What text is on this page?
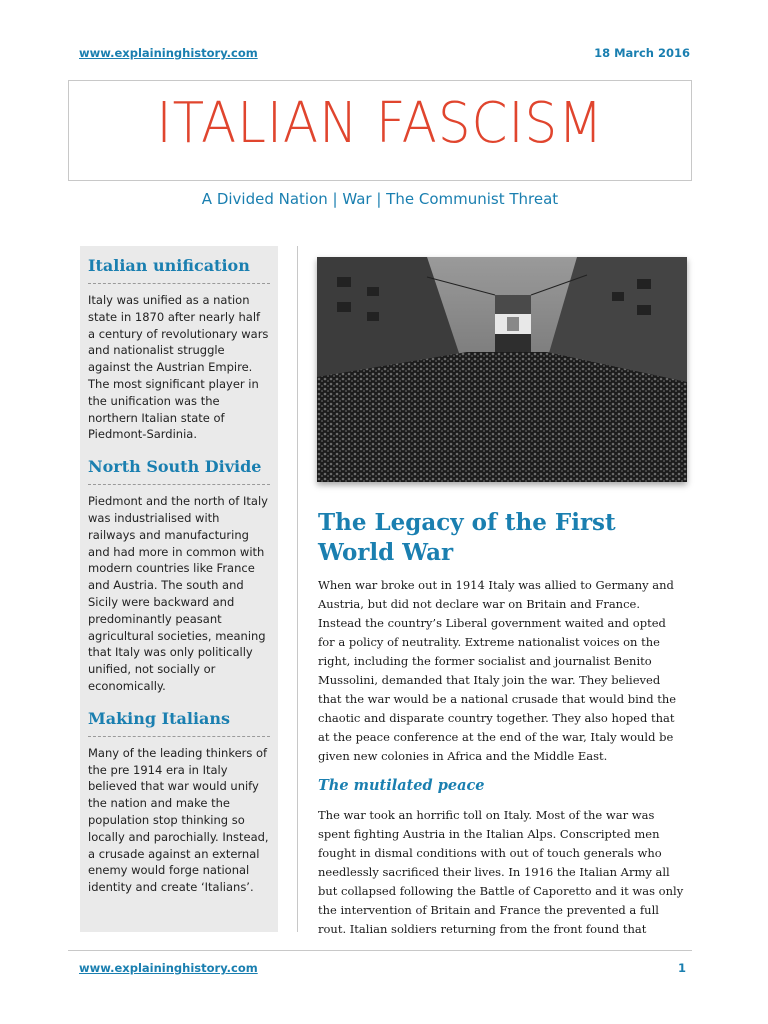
www.explaininghistory.com	18 March 2016
ITALIAN FASCISM
A Divided Nation | War | The Communist Threat
Italian unification
Italy was unified as a nation state in 1870 after nearly half a century of revolutionary wars and nationalist struggle against the Austrian Empire. The most significant player in the unification was the northern Italian state of Piedmont-Sardinia.
North South Divide
Piedmont and the north of Italy was industrialised with railways and manufacturing and had more in common with modern countries like France and Austria. The south and Sicily were backward and predominantly peasant agricultural societies, meaning that Italy was only politically unified, not socially or economically.
Making Italians
Many of the leading thinkers of the pre 1914 era in Italy believed that war would unify the nation and make the population stop thinking so locally and parochially. Instead, a crusade against an external enemy would forge national identity and create ‘Italians’.
The Legacy of the First World War
When war broke out in 1914 Italy was allied to Germany and Austria, but did not declare war on Britain and France. Instead the country’s Liberal government waited and opted for a policy of neutrality. Extreme nationalist voices on the right, including the former socialist and journalist Benito Mussolini, demanded that Italy join the war. They believed that the war would be a national crusade that would bind the chaotic and disparate country together. They also hoped that at the peace conference at the end of the war, Italy would be given new colonies in Africa and the Middle East.
The mutilated peace
The war took an horrific toll on Italy. Most of the war was spent fighting Austria in the Italian Alps. Conscripted men fought in dismal conditions with out of touch generals who needlessly sacrificed their lives. In 1916 the Italian Army all but collapsed following the Battle of Caporetto and it was only the intervention of Britain and France the prevented a full rout. Italian soldiers returning from the front found that
www.explaininghistory.com	1
